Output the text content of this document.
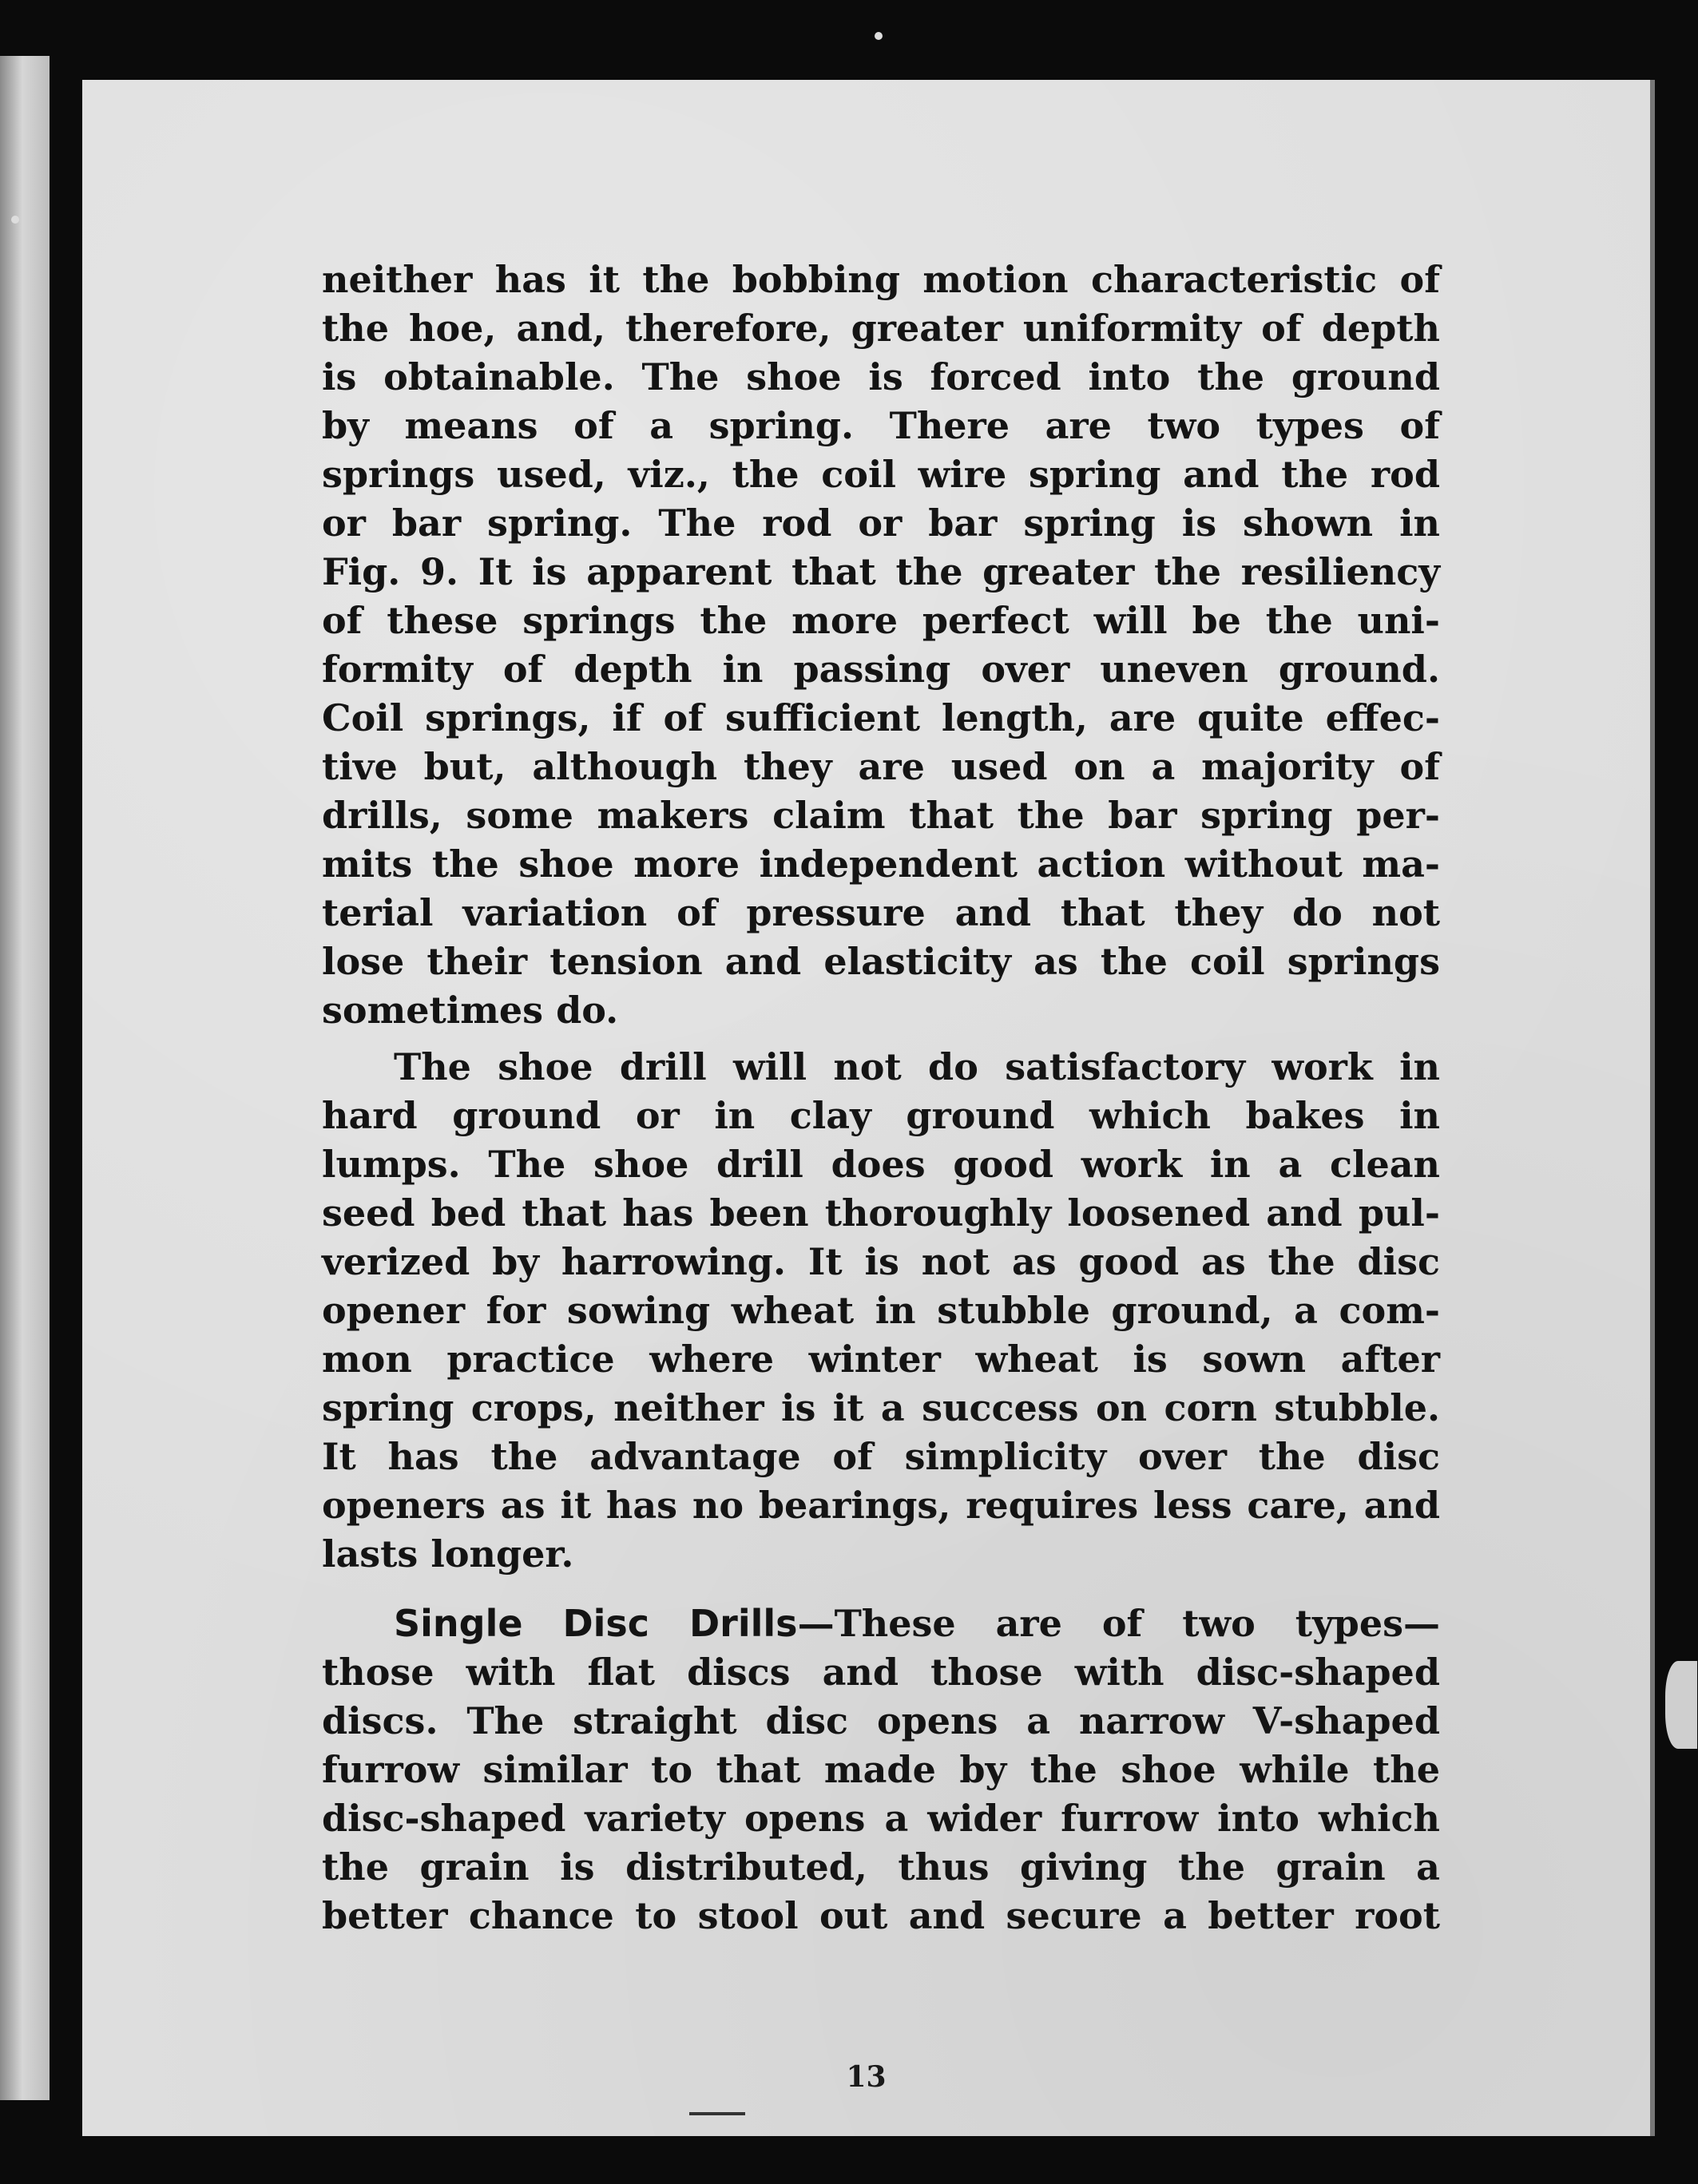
neither has it the bobbing motion characteristic of
the hoe, and, therefore, greater uniformity of depth
is obtainable. The shoe is forced into the ground
by means of a spring. There are two types of
springs used, viz., the coil wire spring and the rod
or bar spring. The rod or bar spring is shown in
Fig. 9. It is apparent that the greater the resiliency
of these springs the more perfect will be the uni-
formity of depth in passing over uneven ground.
Coil springs, if of sufficient length, are quite effec-
tive but, although they are used on a majority of
drills, some makers claim that the bar spring per-
mits the shoe more independent action without ma-
terial variation of pressure and that they do not
lose their tension and elasticity as the coil springs
sometimes do.
The shoe drill will not do satisfactory work in
hard ground or in clay ground which bakes in
lumps. The shoe drill does good work in a clean
seed bed that has been thoroughly loosened and pul-
verized by harrowing. It is not as good as the disc
opener for sowing wheat in stubble ground, a com-
mon practice where winter wheat is sown after
spring crops, neither is it a success on corn stubble.
It has the advantage of simplicity over the disc
openers as it has no bearings, requires less care, and
lasts longer.
Single Disc Drills—These are of two types—
those with flat discs and those with disc-shaped
discs. The straight disc opens a narrow V-shaped
furrow similar to that made by the shoe while the
disc-shaped variety opens a wider furrow into which
the grain is distributed, thus giving the grain a
better chance to stool out and secure a better root
13
